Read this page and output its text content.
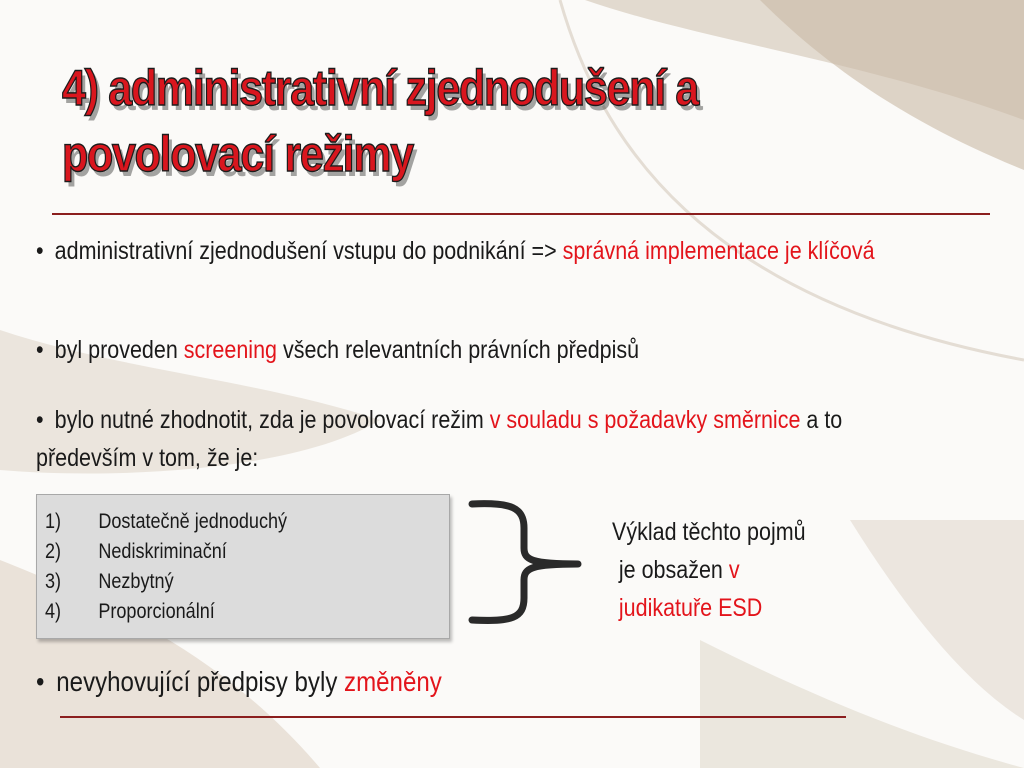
4) administrativní zjednodušení a
povolovací režimy

• administrativní zjednodušení vstupu do podnikání => správná implementace je klíčová

• byl proveden screening všech relevantních právních předpisů

• bylo nutné zhodnotit, zda je povolovací režim v souladu s požadavky směrnice a to především v tom, že je:

1) Dostatečně jednoduchý
2) Nediskriminační
3) Nezbytný
4) Proporcionální
Výklad těchto pojmů
je obsažen v
judikatuře ESD

• nevyhovující předpisy byly změněny
